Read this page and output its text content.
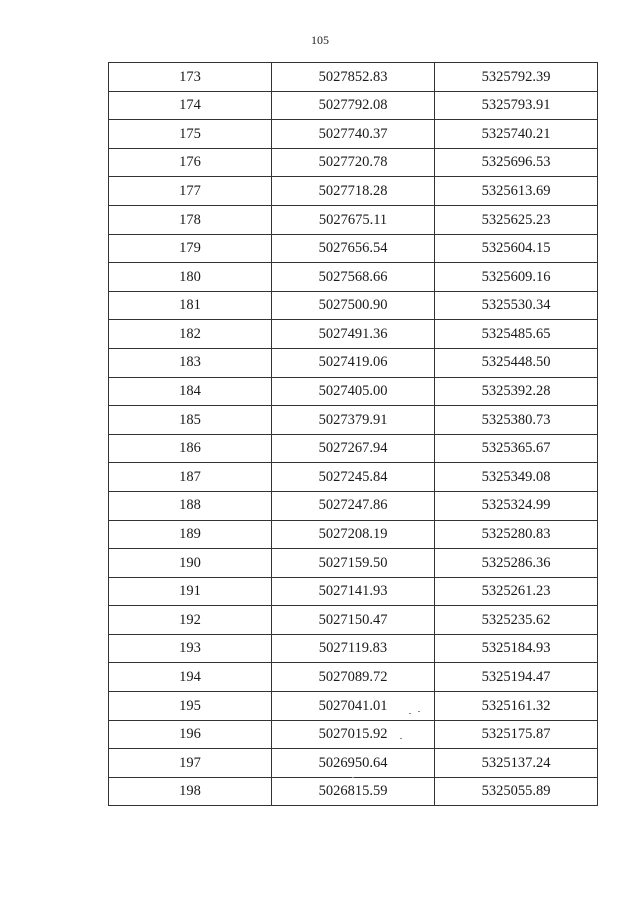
105
173	5027852.83	5325792.39
174	5027792.08	5325793.91
175	5027740.37	5325740.21
176	5027720.78	5325696.53
177	5027718.28	5325613.69
178	5027675.11	5325625.23
179	5027656.54	5325604.15
180	5027568.66	5325609.16
181	5027500.90	5325530.34
182	5027491.36	5325485.65
183	5027419.06	5325448.50
184	5027405.00	5325392.28
185	5027379.91	5325380.73
186	5027267.94	5325365.67
187	5027245.84	5325349.08
188	5027247.86	5325324.99
189	5027208.19	5325280.83
190	5027159.50	5325286.36
191	5027141.93	5325261.23
192	5027150.47	5325235.62
193	5027119.83	5325184.93
194	5027089.72	5325194.47
195	5027041.01	5325161.32
196	5027015.92	5325175.87
197	5026950.64	5325137.24
198	5026815.59	5325055.89
